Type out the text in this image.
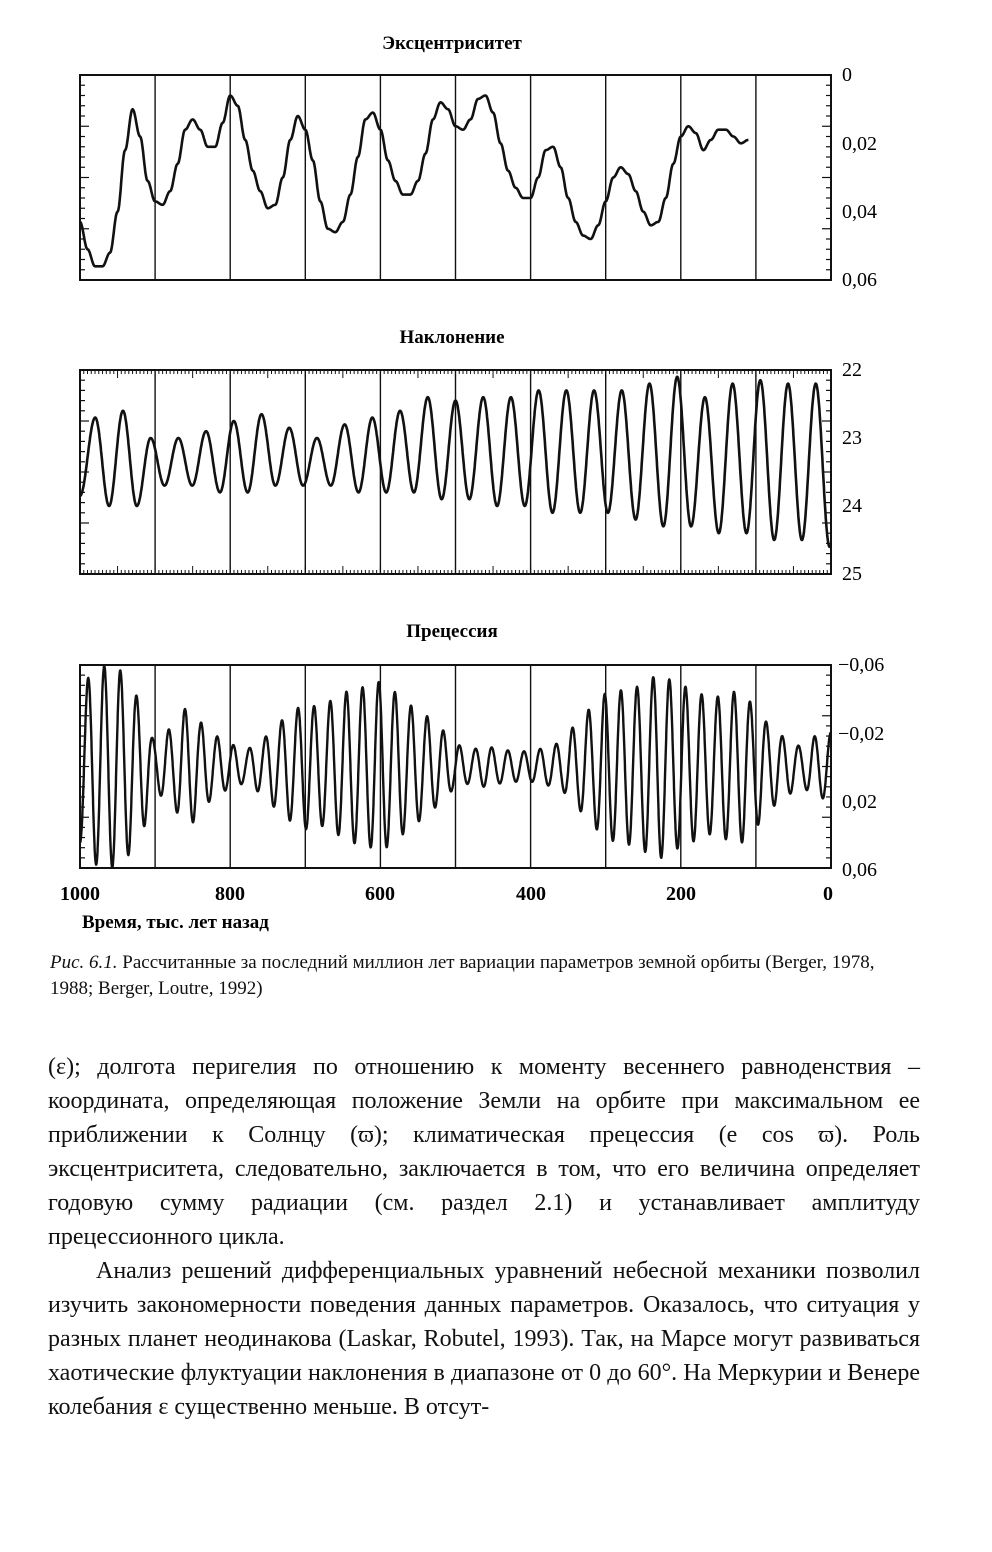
Эксцентриситет
0
0,02
0,04
0,06
Наклонение
22
23
24
25
Прецессия
−0,06
−0,02
0,02
0,06
1000	800	600	400	200	0
Время, тыс. лет назад
Рис. 6.1. Рассчитанные за последний миллион лет вариации параметров земной орбиты (Berger, 1978, 1988; Berger, Loutre, 1992)

(ε); долгота перигелия по отношению к моменту весеннего равноденствия – координата, определяющая положение Земли на орбите при максимальном ее приближении к Солнцу (ϖ); климатическая прецессия (e cos ϖ). Роль эксцентриситета, следовательно, заключается в том, что его величина определяет годовую сумму радиации (см. раздел 2.1) и устанавливает амплитуду прецессионного цикла.

Анализ решений дифференциальных уравнений небесной механики позволил изучить закономерности поведения данных параметров. Оказалось, что ситуация у разных планет неодинакова (Laskar, Robutel, 1993). Так, на Марсе могут развиваться хаотические флуктуации наклонения в диапазоне от 0 до 60°. На Меркурии и Венере колебания ε существенно меньше. В отсут-
